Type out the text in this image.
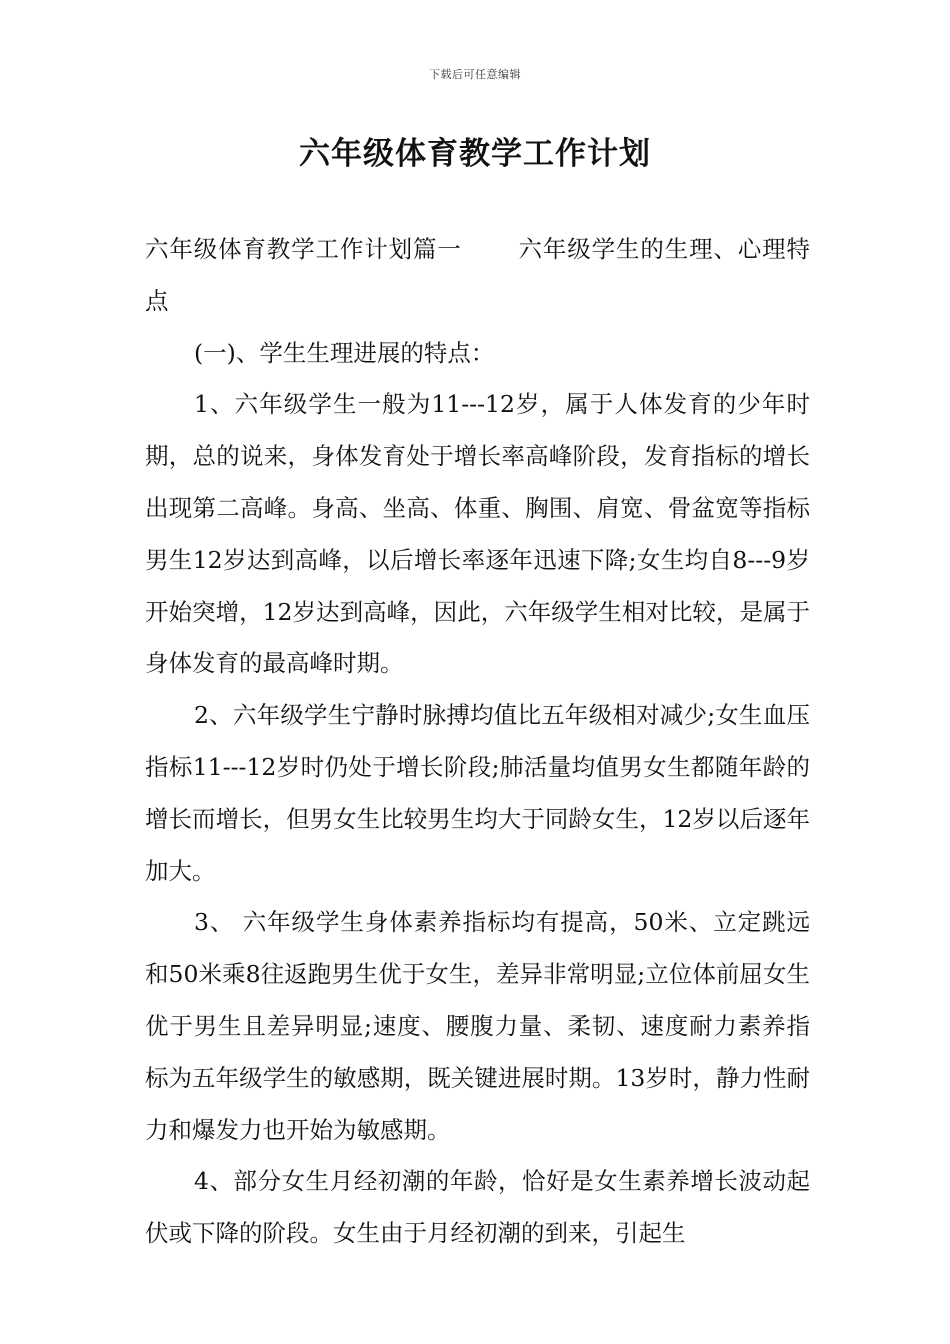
下载后可任意编辑
六年级体育教学工作计划

六年级体育教学工作计划篇一 六年级学生的生理、心理特点

(一)、学生生理进展的特点：

1、六年级学生一般为11---12岁，属于人体发育的少年时期，总的说来，身体发育处于增长率高峰阶段，发育指标的增长出现第二高峰。身高、坐高、体重、胸围、肩宽、骨盆宽等指标男生12岁达到高峰，以后增长率逐年迅速下降;女生均自8---9岁开始突增，12岁达到高峰，因此，六年级学生相对比较，是属于身体发育的最高峰时期。

2、六年级学生宁静时脉搏均值比五年级相对减少;女生血压指标11---12岁时仍处于增长阶段;肺活量均值男女生都随年龄的增长而增长，但男女生比较男生均大于同龄女生，12岁以后逐年加大。

3、 六年级学生身体素养指标均有提高，50米、立定跳远和50米乘8往返跑男生优于女生，差异非常明显;立位体前屈女生优于男生且差异明显;速度、腰腹力量、柔韧、速度耐力素养指标为五年级学生的敏感期，既关键进展时期。13岁时，静力性耐力和爆发力也开始为敏感期。

4、部分女生月经初潮的年龄，恰好是女生素养增长波动起伏或下降的阶段。女生由于月经初潮的到来，引起生
